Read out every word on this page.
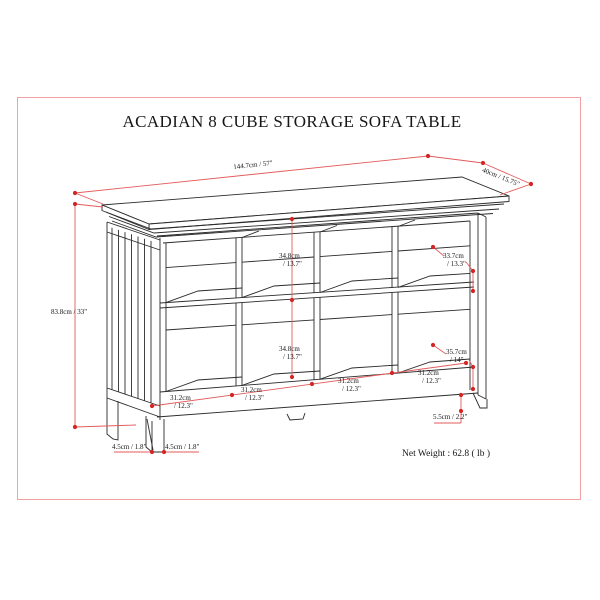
ACADIAN 8 CUBE STORAGE SOFA TABLE
144.7cm / 57"
40cm / 15.75"
83.8cm / 33"
34.8cm
/ 13.7"
33.7cm
/ 13.3"
34.8cm
/ 13.7"
35.7cm
/ 14"
31.2cm
/ 12.3"
31.2cm
/ 12.3"
31.2cm
/ 12.3"
31.2cm
/ 12.3"
5.5cm / 2.2"
4.5cm / 1.8"	4.5cm / 1.8"
Net Weight : 62.8 ( lb )
